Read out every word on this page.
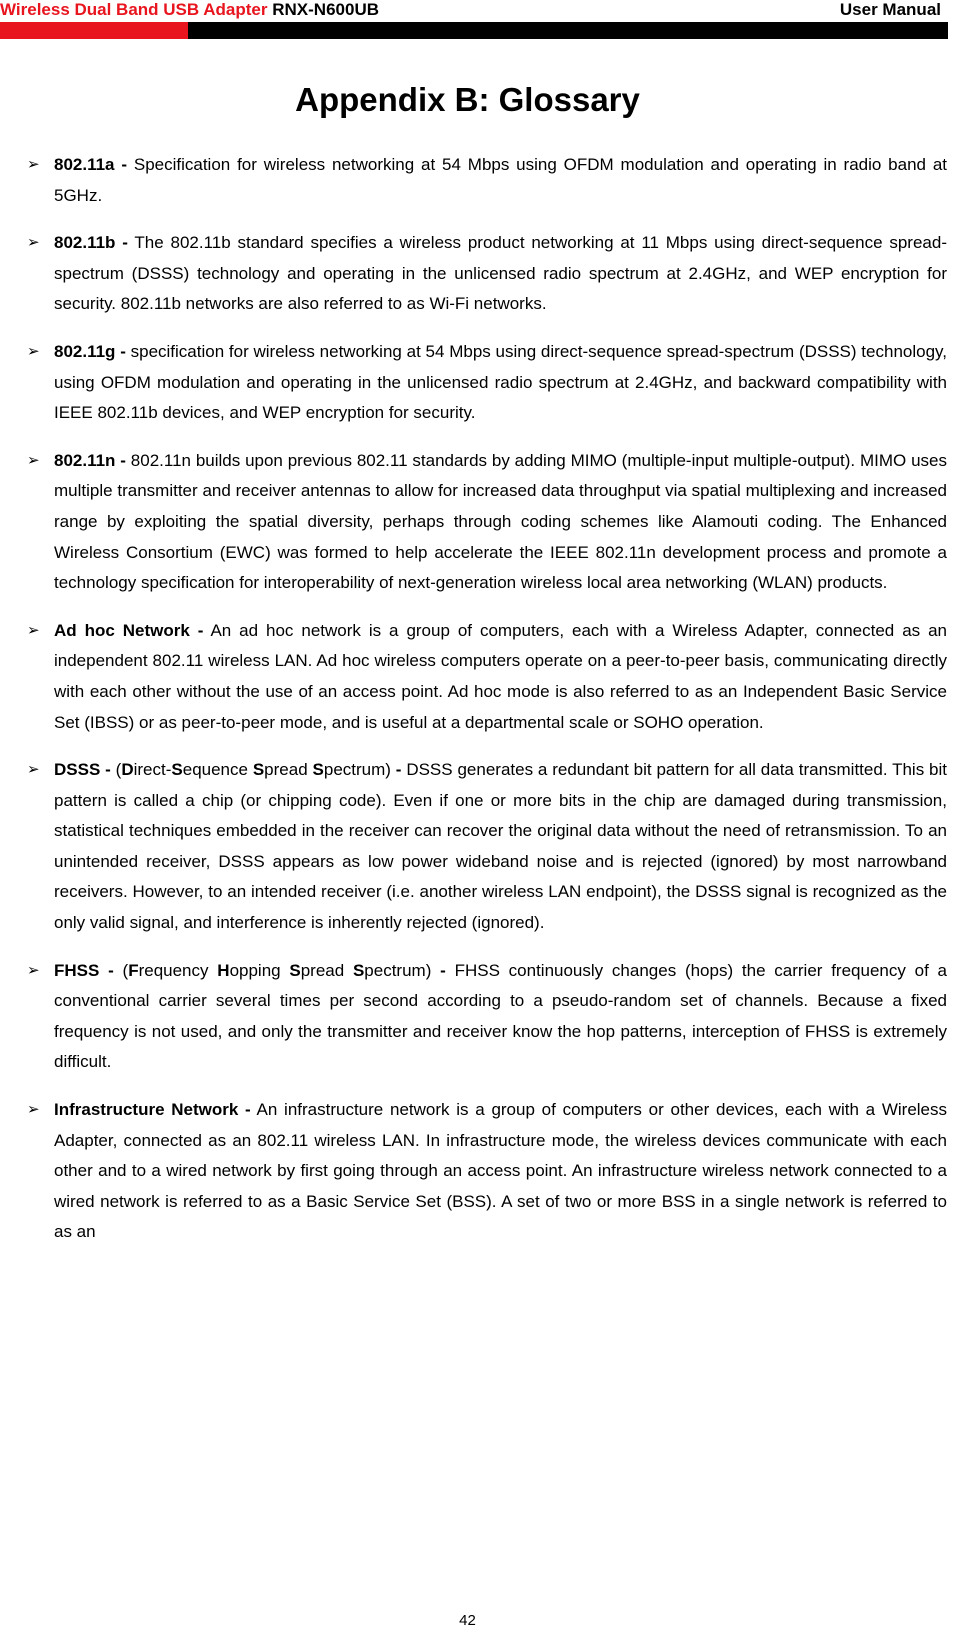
Wireless Dual Band USB Adapter RNX-N600UB	User Manual
Appendix B: Glossary
➢ 802.11a - Specification for wireless networking at 54 Mbps using OFDM modulation and operating in radio band at 5GHz.
➢ 802.11b - The 802.11b standard specifies a wireless product networking at 11 Mbps using direct-sequence spread-spectrum (DSSS) technology and operating in the unlicensed radio spectrum at 2.4GHz, and WEP encryption for security. 802.11b networks are also referred to as Wi-Fi networks.
➢ 802.11g - specification for wireless networking at 54 Mbps using direct-sequence spread-spectrum (DSSS) technology, using OFDM modulation and operating in the unlicensed radio spectrum at 2.4GHz, and backward compatibility with IEEE 802.11b devices, and WEP encryption for security.
➢ 802.11n - 802.11n builds upon previous 802.11 standards by adding MIMO (multiple-input multiple-output). MIMO uses multiple transmitter and receiver antennas to allow for increased data throughput via spatial multiplexing and increased range by exploiting the spatial diversity, perhaps through coding schemes like Alamouti coding. The Enhanced Wireless Consortium (EWC) was formed to help accelerate the IEEE 802.11n development process and promote a technology specification for interoperability of next-generation wireless local area networking (WLAN) products.
➢ Ad hoc Network - An ad hoc network is a group of computers, each with a Wireless Adapter, connected as an independent 802.11 wireless LAN. Ad hoc wireless computers operate on a peer-to-peer basis, communicating directly with each other without the use of an access point. Ad hoc mode is also referred to as an Independent Basic Service Set (IBSS) or as peer-to-peer mode, and is useful at a departmental scale or SOHO operation.
➢ DSSS - (Direct-Sequence Spread Spectrum) - DSSS generates a redundant bit pattern for all data transmitted. This bit pattern is called a chip (or chipping code). Even if one or more bits in the chip are damaged during transmission, statistical techniques embedded in the receiver can recover the original data without the need of retransmission. To an unintended receiver, DSSS appears as low power wideband noise and is rejected (ignored) by most narrowband receivers. However, to an intended receiver (i.e. another wireless LAN endpoint), the DSSS signal is recognized as the only valid signal, and interference is inherently rejected (ignored).
➢ FHSS - (Frequency Hopping Spread Spectrum) - FHSS continuously changes (hops) the carrier frequency of a conventional carrier several times per second according to a pseudo-random set of channels. Because a fixed frequency is not used, and only the transmitter and receiver know the hop patterns, interception of FHSS is extremely difficult.
➢ Infrastructure Network - An infrastructure network is a group of computers or other devices, each with a Wireless Adapter, connected as an 802.11 wireless LAN. In infrastructure mode, the wireless devices communicate with each other and to a wired network by first going through an access point. An infrastructure wireless network connected to a wired network is referred to as a Basic Service Set (BSS). A set of two or more BSS in a single network is referred to as an
42
